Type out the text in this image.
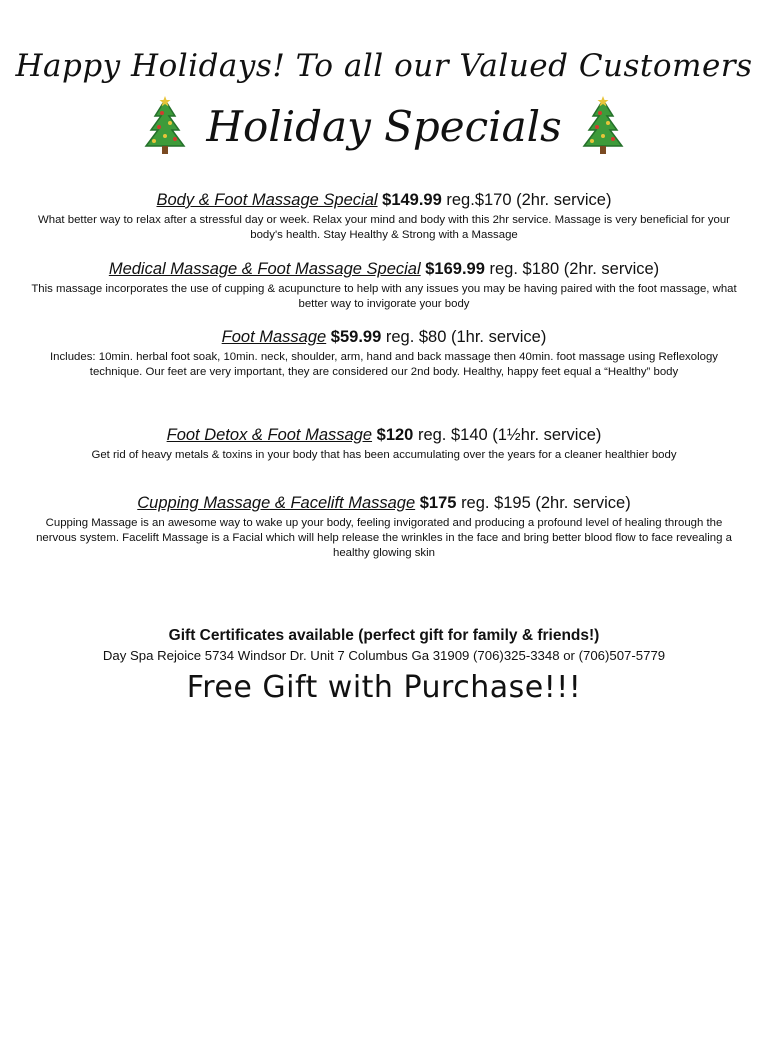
Happy Holidays! To all our Valued Customers
Holiday Specials
Body & Foot Massage Special $149.99 reg.$170 (2hr. service)
What better way to relax after a stressful day or week. Relax your mind and body with this 2hr service. Massage is very beneficial for your body's health. Stay Healthy & Strong with a Massage
Medical Massage & Foot Massage Special $169.99 reg. $180 (2hr. service)
This massage incorporates the use of cupping & acupuncture to help with any issues you may be having paired with the foot massage, what better way to invigorate your body
Foot Massage $59.99 reg. $80 (1hr. service)
Includes: 10min. herbal foot soak, 10min. neck, shoulder, arm, hand and back massage then 40min. foot massage using Reflexology technique. Our feet are very important, they are considered our 2nd body. Healthy, happy feet equal a “Healthy” body
Foot Detox & Foot Massage $120 reg. $140 (1½hr. service)
Get rid of heavy metals & toxins in your body that has been accumulating over the years for a cleaner healthier body
Cupping Massage & Facelift Massage $175 reg. $195 (2hr. service)
Cupping Massage is an awesome way to wake up your body, feeling invigorated and producing a profound level of healing through the nervous system. Facelift Massage is a Facial which will help release the wrinkles in the face and bring better blood flow to face revealing a healthy glowing skin
Gift Certificates available (perfect gift for family & friends!)
Day Spa Rejoice 5734 Windsor Dr. Unit 7 Columbus Ga 31909 (706)325-3348 or (706)507-5779
Free Gift with Purchase!!!
